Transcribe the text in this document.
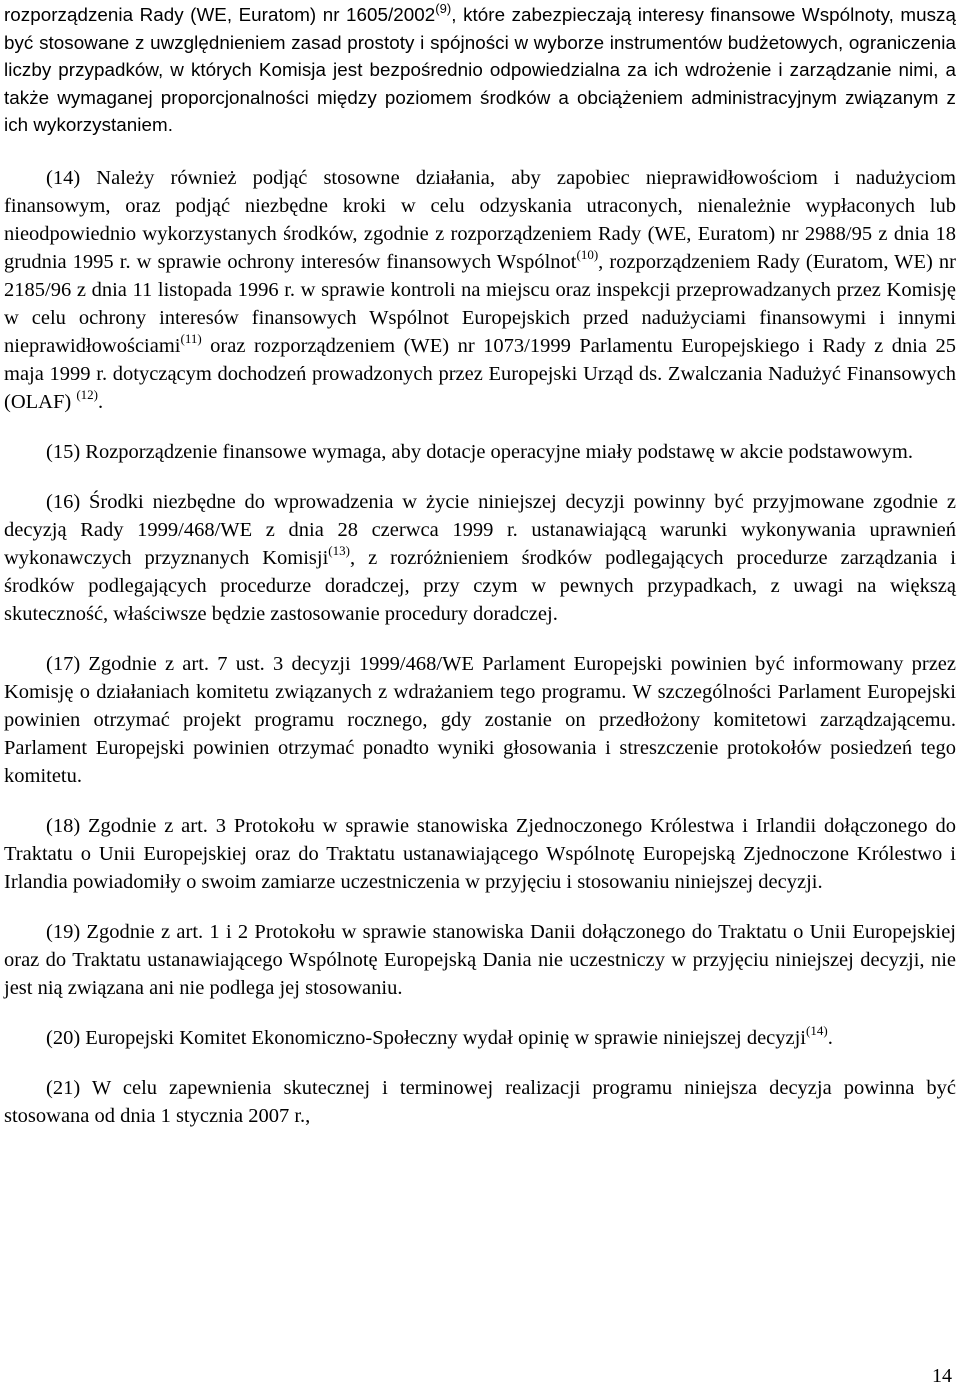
rozporządzenia Rady (WE, Euratom) nr 1605/2002$^{(9)}$, które zabezpieczają interesy finansowe Wspólnoty, muszą być stosowane z uwzględnieniem zasad prostoty i spójności w wyborze instrumentów budżetowych, ograniczenia liczby przypadków, w których Komisja jest bezpośrednio odpowiedzialna za ich wdrożenie i zarządzanie nimi, a także wymaganej proporcjonalności między poziomem środków a obciążeniem administracyjnym związanym z ich wykorzystaniem.

(14) Należy również podjąć stosowne działania, aby zapobiec nieprawidłowościom i nadużyciom finansowym, oraz podjąć niezbędne kroki w celu odzyskania utraconych, nienależnie wypłaconych lub nieodpowiednio wykorzystanych środków, zgodnie z rozporządzeniem Rady (WE, Euratom) nr 2988/95 z dnia 18 grudnia 1995 r. w sprawie ochrony interesów finansowych Wspólnot$^{(10)}$, rozporządzeniem Rady (Euratom, WE) nr 2185/96 z dnia 11 listopada 1996 r. w sprawie kontroli na miejscu oraz inspekcji przeprowadzanych przez Komisję w celu ochrony interesów finansowych Wspólnot Europejskich przed nadużyciami finansowymi i innymi nieprawidłowościami$^{(11)}$ oraz rozporządzeniem (WE) nr 1073/1999 Parlamentu Europejskiego i Rady z dnia 25 maja 1999 r. dotyczącym dochodzeń prowadzonych przez Europejski Urząd ds. Zwalczania Nadużyć Finansowych (OLAF) $^{(12)}$.

(15) Rozporządzenie finansowe wymaga, aby dotacje operacyjne miały podstawę w akcie podstawowym.

(16) Środki niezbędne do wprowadzenia w życie niniejszej decyzji powinny być przyjmowane zgodnie z decyzją Rady 1999/468/WE z dnia 28 czerwca 1999 r. ustanawiającą warunki wykonywania uprawnień wykonawczych przyznanych Komisji$^{(13)}$, z rozróżnieniem środków podlegających procedurze zarządzania i środków podlegających procedurze doradczej, przy czym w pewnych przypadkach, z uwagi na większą skuteczność, właściwsze będzie zastosowanie procedury doradczej.

(17) Zgodnie z art. 7 ust. 3 decyzji 1999/468/WE Parlament Europejski powinien być informowany przez Komisję o działaniach komitetu związanych z wdrażaniem tego programu. W szczególności Parlament Europejski powinien otrzymać projekt programu rocznego, gdy zostanie on przedłożony komitetowi zarządzającemu. Parlament Europejski powinien otrzymać ponadto wyniki głosowania i streszczenie protokołów posiedzeń tego komitetu.

(18) Zgodnie z art. 3 Protokołu w sprawie stanowiska Zjednoczonego Królestwa i Irlandii dołączonego do Traktatu o Unii Europejskiej oraz do Traktatu ustanawiającego Wspólnotę Europejską Zjednoczone Królestwo i Irlandia powiadomiły o swoim zamiarze uczestniczenia w przyjęciu i stosowaniu niniejszej decyzji.

(19) Zgodnie z art. 1 i 2 Protokołu w sprawie stanowiska Danii dołączonego do Traktatu o Unii Europejskiej oraz do Traktatu ustanawiającego Wspólnotę Europejską Dania nie uczestniczy w przyjęciu niniejszej decyzji, nie jest nią związana ani nie podlega jej stosowaniu.

(20) Europejski Komitet Ekonomiczno-Społeczny wydał opinię w sprawie niniejszej decyzji$^{(14)}$.

(21) W celu zapewnienia skutecznej i terminowej realizacji programu niniejsza decyzja powinna być stosowana od dnia 1 stycznia 2007 r.,

14
